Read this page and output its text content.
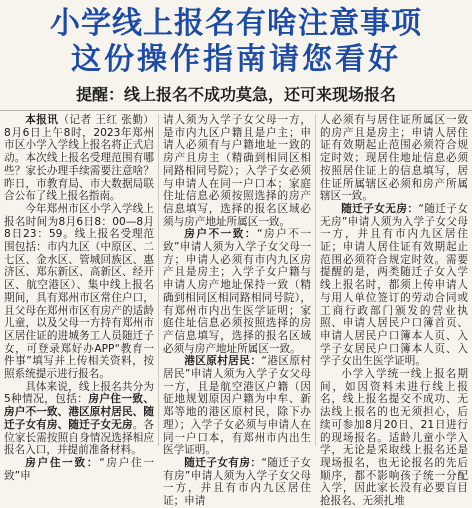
小学线上报名有啥注意事项
这份操作指南请您看好
提醒：线上报名不成功莫急，还可来现场报名

本报讯（记者 王红 张勤）8月6日上午8时，2023年郑州市区小学入学线上报名将正式启动。本次线上报名受理范围有哪些？家长办理手续需要注意啥？昨日，市教育局、市大数据局联合公布了线上报名指南。

今年郑州市区小学入学线上报名时间为8月6日8：00—8月8日23：59。线上报名受理范围包括：市内九区（中原区、二七区、金水区、管城回族区、惠济区、郑东新区、高新区、经开区、航空港区）、集中线上报名期间，具有郑州市区常住户口，且父母在郑州市区有房产的适龄儿童，以及父母一方持有郑州市区居住证的进城务工人员随迁子女，可登录郑好办APP“教育一件事”填写并上传相关资料，按照系统提示进行报名。

具体来说，线上报名共分为5种情况，包括：房户住一致、房户不一致、港区原村居民、随迁子女有房、随迁子女无房。各位家长需按照自身情况选择相应报名入口，并提前准备材料。

房户住一致：“房户住一致”申

请人须为入学子女父母一方，是市内九区户籍且是户主；申请人必须有与户籍地址一致的房产且房主（精确到相同区相同路相同号院）；入学子女必须与申请人在同一户口本；家庭住址信息必须按照选择的房产信息填写，选择的报名区域必须与房产地址所属区一致。

房户不一致：“房户不一致”申请人须为入学子女父母一方；申请人必须有市内九区房产且是房主；入学子女户籍与申请人房产地址保持一致（精确到相同区相同路相同号院），有郑州市内出生医学证明；家庭住址信息必须按照选择的房产信息填写，选择的报名区域必须与房产地址所属区一致。

港区原村居民：“港区原村居民”申请人须为入学子女父母一方，且是航空港区户籍（因征地规划原因户籍为中牟、新郑等地的港区原村民，除下办理）；入学子女必须与申请人在同一户口本，有郑州市内出生医学证明。

随迁子女有房：“随迁子女有房”申请人须为入学子女父母一方，并且有市内九区居住证；申请

人必须有与居住证所属区一致的房产且是房主；申请人居住证有效期起止范围必须符合规定时效；现居住地址信息必须按照居住证上的信息填写，居住证所属辖区必须和房产所属辖区一致。

随迁子女无房：“随迁子女无房”申请人须为入学子女父母一方，并且有市内九区居住证；申请人居住证有效期起止范围必须符合规定时效。需要提醒的是，两类随迁子女入学线上报名时，都须上传申请人与用人单位签订的劳动合同或工商行政部门颁发的营业执照、申请人居民户口簿首页、申请人居民户口簿本人页、入学子女居民户口簿本人页、入学子女出生医学证明。

小学入学统一线上报名期间，如因资料未进行线上报名，线上报名提交不成功、无法线上报名的也无须担心，后续可参加8月20日、21日进行的现场报名。适龄儿童小学入学，无论是采取线上报名还是现场报名，也无论报名的先后顺序，都不影响孩子统一分配入学，因此家长没有必要盲目抢报名、无须扎堆
